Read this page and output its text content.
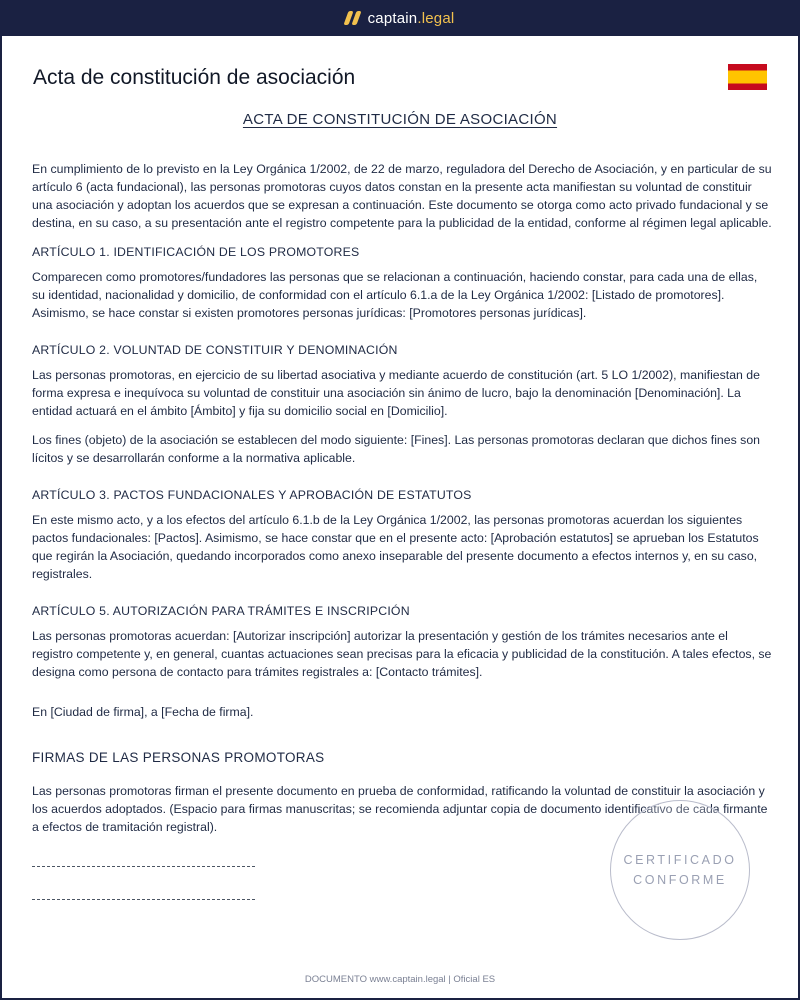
captain.legal
Acta de constitución de asociación
ACTA DE CONSTITUCIÓN DE ASOCIACIÓN

En cumplimiento de lo previsto en la Ley Orgánica 1/2002, de 22 de marzo, reguladora del Derecho de Asociación, y en particular de su artículo 6 (acta fundacional), las personas promotoras cuyos datos constan en la presente acta manifiestan su voluntad de constituir una asociación y adoptan los acuerdos que se expresan a continuación. Este documento se otorga como acto privado fundacional y se destina, en su caso, a su presentación ante el registro competente para la publicidad de la entidad, conforme al régimen legal aplicable.

ARTÍCULO 1. IDENTIFICACIÓN DE LOS PROMOTORES

Comparecen como promotores/fundadores las personas que se relacionan a continuación, haciendo constar, para cada una de ellas, su identidad, nacionalidad y domicilio, de conformidad con el artículo 6.1.a de la Ley Orgánica 1/2002: [Listado de promotores]. Asimismo, se hace constar si existen promotores personas jurídicas: [Promotores personas jurídicas].

ARTÍCULO 2. VOLUNTAD DE CONSTITUIR Y DENOMINACIÓN

Las personas promotoras, en ejercicio de su libertad asociativa y mediante acuerdo de constitución (art. 5 LO 1/2002), manifiestan de forma expresa e inequívoca su voluntad de constituir una asociación sin ánimo de lucro, bajo la denominación [Denominación]. La entidad actuará en el ámbito [Ámbito] y fija su domicilio social en [Domicilio].

Los fines (objeto) de la asociación se establecen del modo siguiente: [Fines]. Las personas promotoras declaran que dichos fines son lícitos y se desarrollarán conforme a la normativa aplicable.

ARTÍCULO 3. PACTOS FUNDACIONALES Y APROBACIÓN DE ESTATUTOS

En este mismo acto, y a los efectos del artículo 6.1.b de la Ley Orgánica 1/2002, las personas promotoras acuerdan los siguientes pactos fundacionales: [Pactos]. Asimismo, se hace constar que en el presente acto: [Aprobación estatutos] se aprueban los Estatutos que regirán la Asociación, quedando incorporados como anexo inseparable del presente documento a efectos internos y, en su caso, registrales.

ARTÍCULO 5. AUTORIZACIÓN PARA TRÁMITES E INSCRIPCIÓN

Las personas promotoras acuerdan: [Autorizar inscripción] autorizar la presentación y gestión de los trámites necesarios ante el registro competente y, en general, cuantas actuaciones sean precisas para la eficacia y publicidad de la constitución. A tales efectos, se designa como persona de contacto para trámites registrales a: [Contacto trámites].

En [Ciudad de firma], a [Fecha de firma].

FIRMAS DE LAS PERSONAS PROMOTORAS

Las personas promotoras firman el presente documento en prueba de conformidad, ratificando la voluntad de constituir la asociación y los acuerdos adoptados. (Espacio para firmas manuscritas; se recomienda adjuntar copia de documento identificativo de cada firmante a efectos de tramitación registral).

CERTIFICADO
CONFORME
DOCUMENTO www.captain.legal | Oficial ES
